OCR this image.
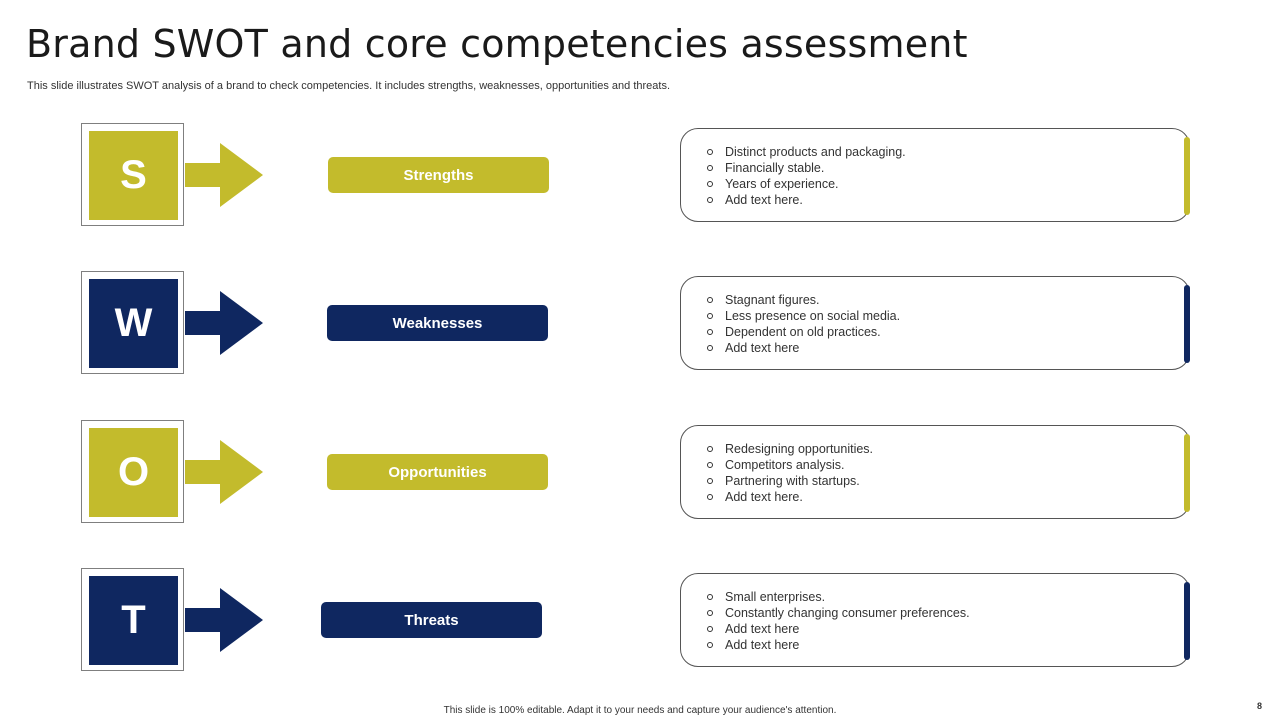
Brand SWOT and core competencies assessment
This slide illustrates SWOT analysis of a brand to check competencies. It includes strengths, weaknesses, opportunities and threats.
S	Strengths
Distinct products and packaging.
Financially stable.
Years of experience.
Add text here.
W	Weaknesses
Stagnant figures.
Less presence on social media.
Dependent on old practices.
Add text here
O	Opportunities
Redesigning opportunities.
Competitors analysis.
Partnering with startups.
Add text here.
T	Threats
Small enterprises.
Constantly changing consumer preferences.
Add text here
Add text here
This slide is 100% editable. Adapt it to your needs and capture your audience's attention.	8
